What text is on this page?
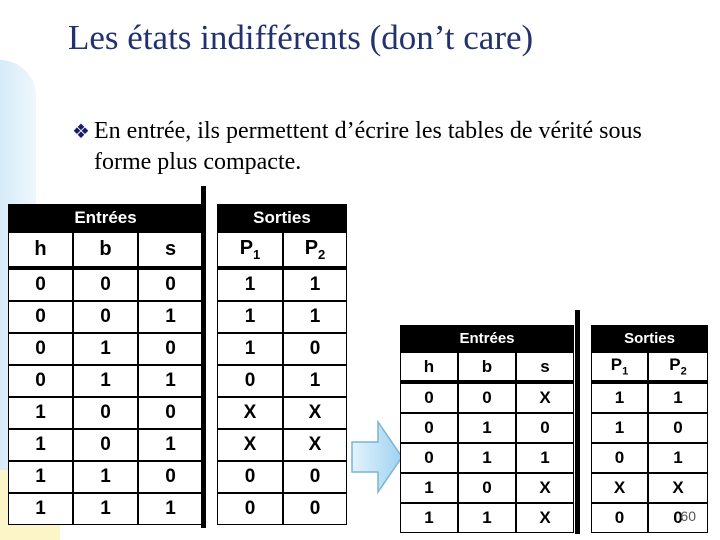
Les états indifférents (don’t care)
❖ En entrée, ils permettent d’écrire les tables de vérité sous forme plus compacte.
Entrées				Sorties	
h	b	s		$P_1$	$P_2$
0	0	0		1	1
0	0	1		1	1
0	1	0		1	0
0	1	1		0	1
1	0	0		X	X
1	0	1		X	X
1	1	0		0	0
1	1	1		0	0
Entrées				Sorties	
h	b	s		$P_1$	$P_2$
0	0	X		1	1
0	1	0		1	0
0	1	1		0	1
1	0	X		X	X
1	1	X		0	0
60
